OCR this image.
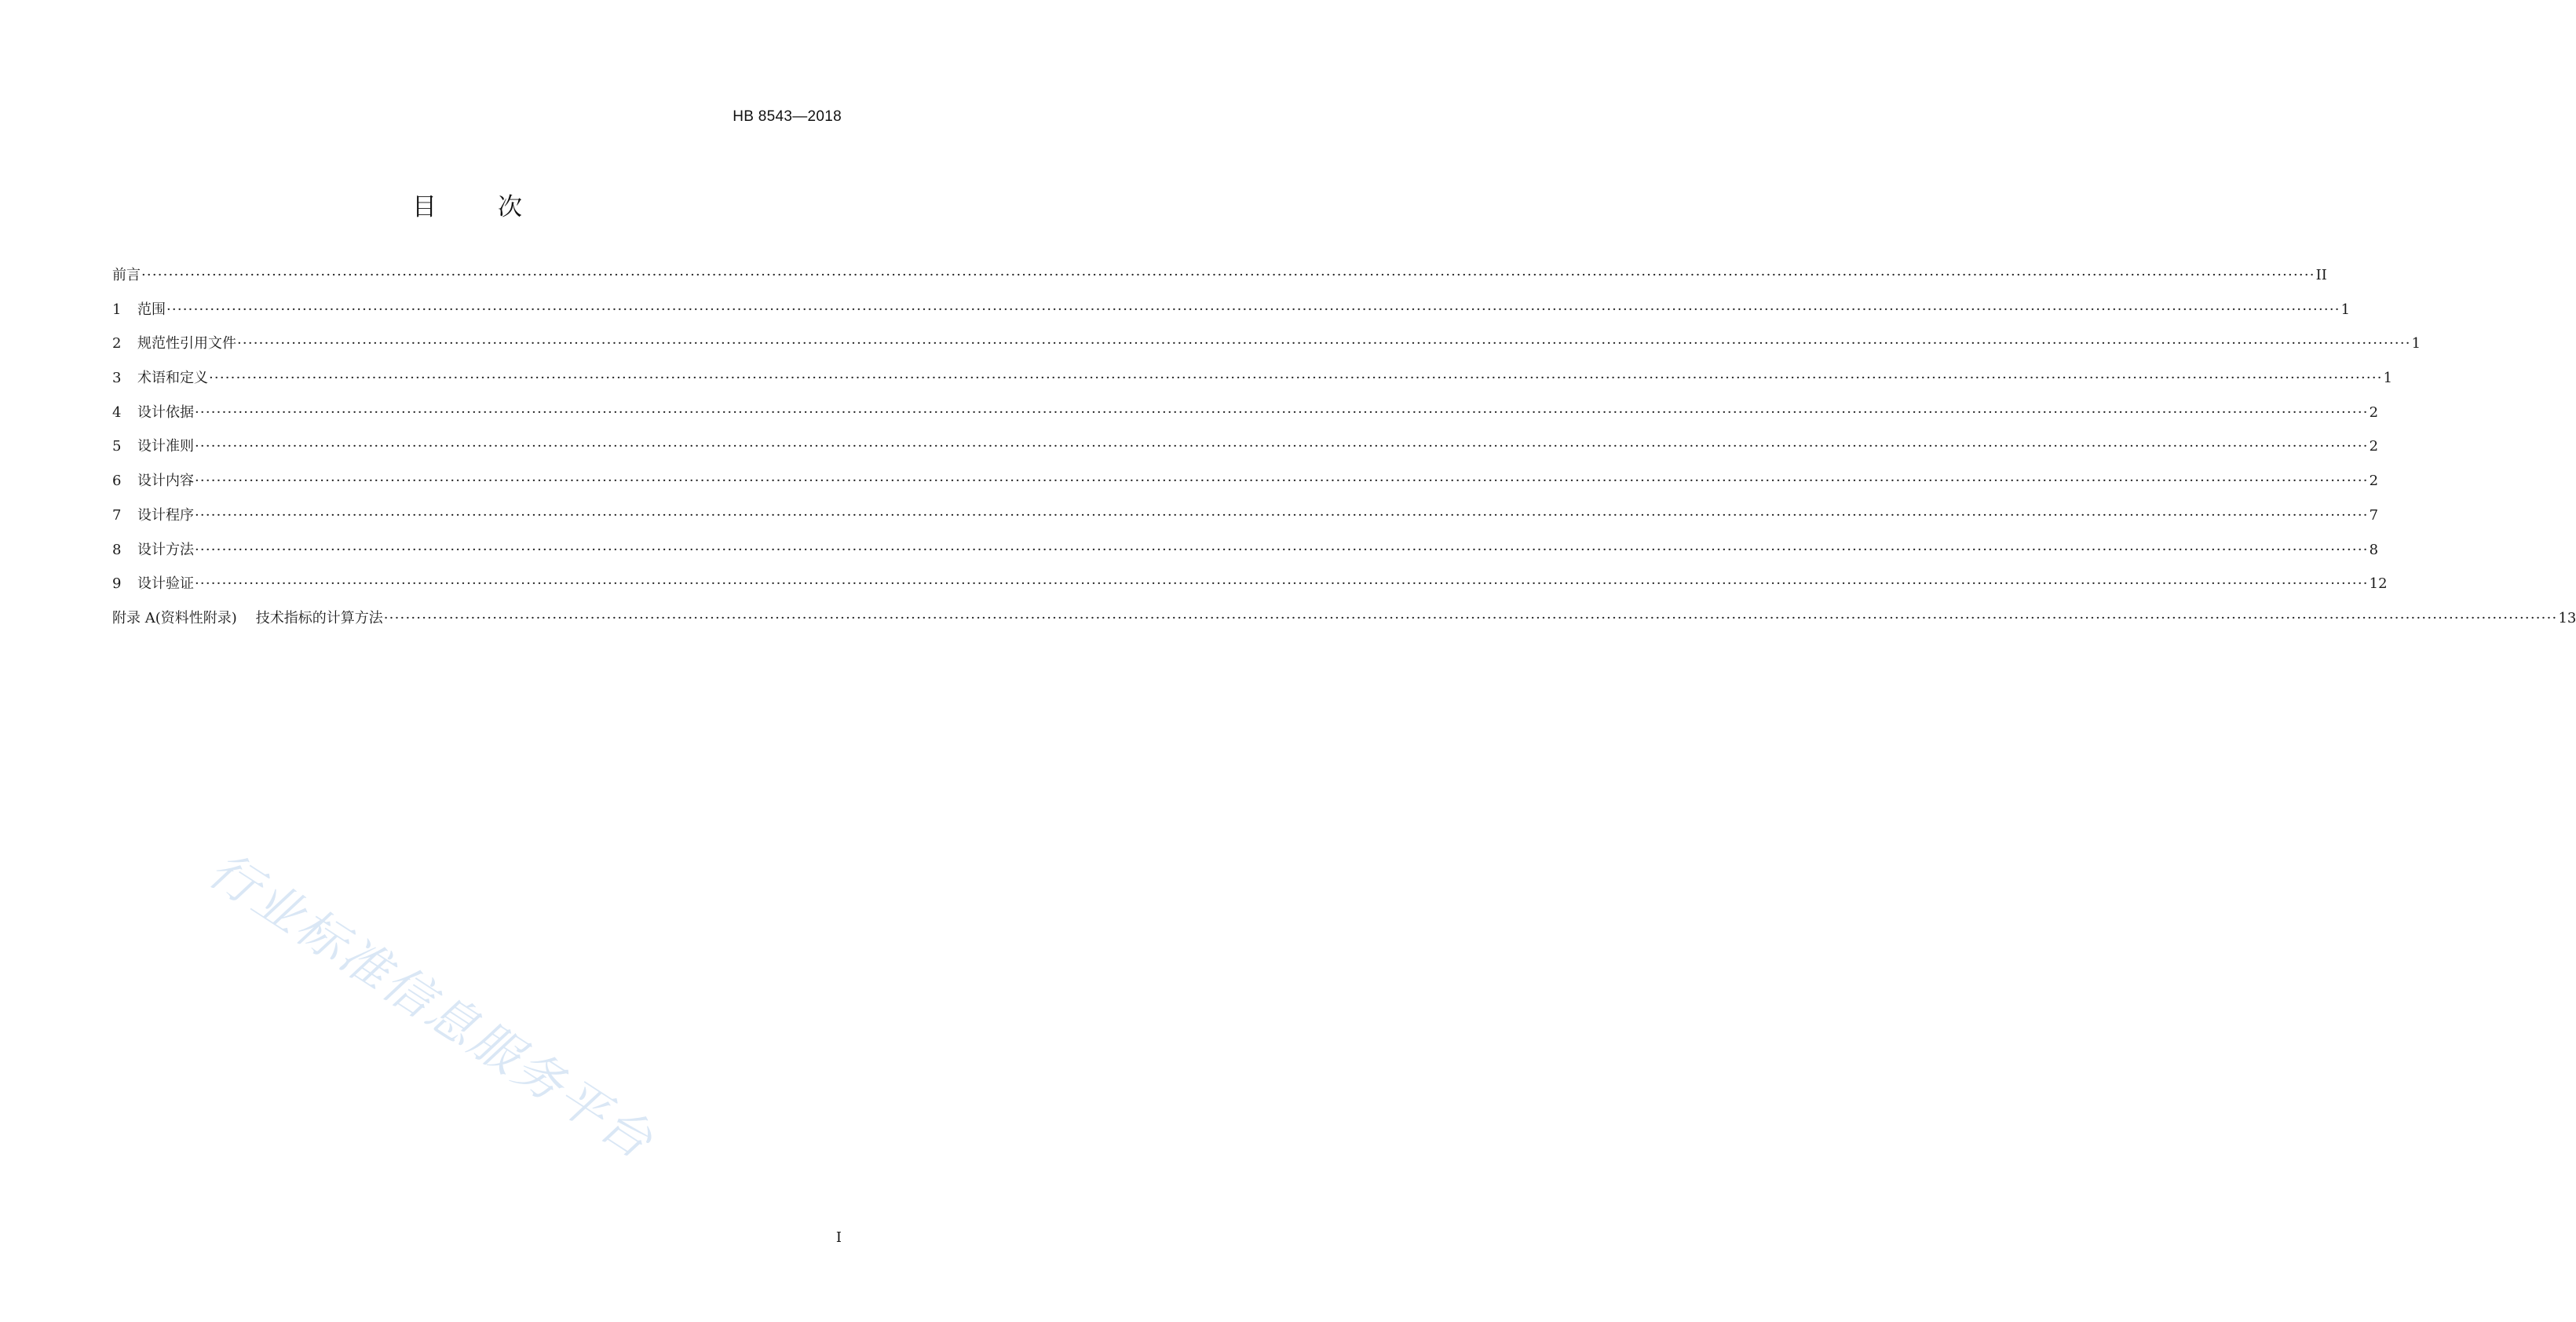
HB 8543—2018
目	次
前言 ················································································································································································································································································································································································································ II
1	范围 ················································································································································································································································································································································································································ 1
2	规范性引用文件 ················································································································································································································································································································································································································ 1
3	术语和定义 ················································································································································································································································································································································································································ 1
4	设计依据 ················································································································································································································································································································································································································ 2
5	设计准则 ················································································································································································································································································································································································································ 2
6	设计内容 ················································································································································································································································································································································································································ 2
7	设计程序 ················································································································································································································································································································································································································ 7
8	设计方法 ················································································································································································································································································································································································································ 8
9	设计验证 ················································································································································································································································································································································································································ 12
附录 A(资料性附录) 技术指标的计算方法 ················································································································································································································································································································································································································ 13
行业标准信息服务平台
I
